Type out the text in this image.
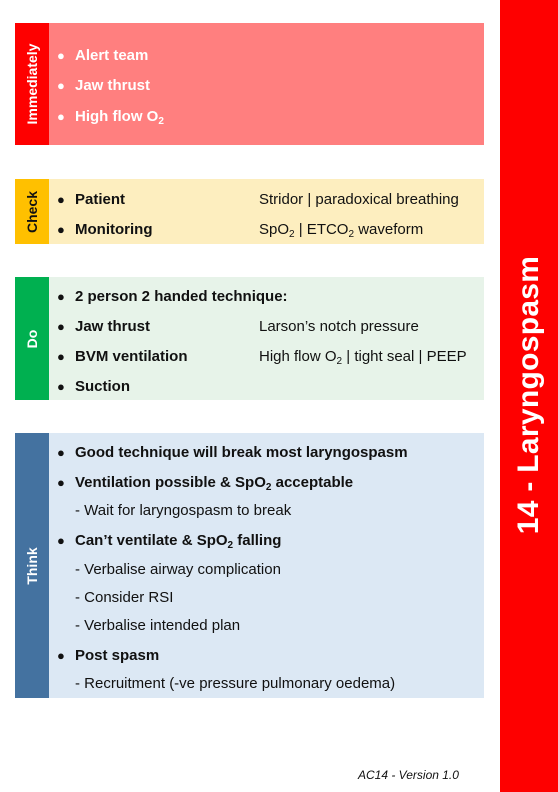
14 - Laryngospasm
Immediately ● Alert team
● Jaw thrust
● High flow $O_2$
Check ● Patient	Stridor | paradoxical breathing
● Monitoring	SpO$_2$ | $ETCO_2$ waveform
Do
● 2 person 2 handed technique:
● Jaw thrust	Larson’s notch pressure
● BVM ventilation	High flow $O_2$ | tight seal | PEEP
● Suction
Think
● Good technique will break most laryngospasm
● Ventilation possible & SpO$_2$ acceptable
- Wait for laryngospasm to break
● Can’t ventilate & SpO$_2$ falling
- Verbalise airway complication
- Consider RSI
- Verbalise intended plan
● Post spasm
- Recruitment (-ve pressure pulmonary oedema)
AC14 - Version 1.0
